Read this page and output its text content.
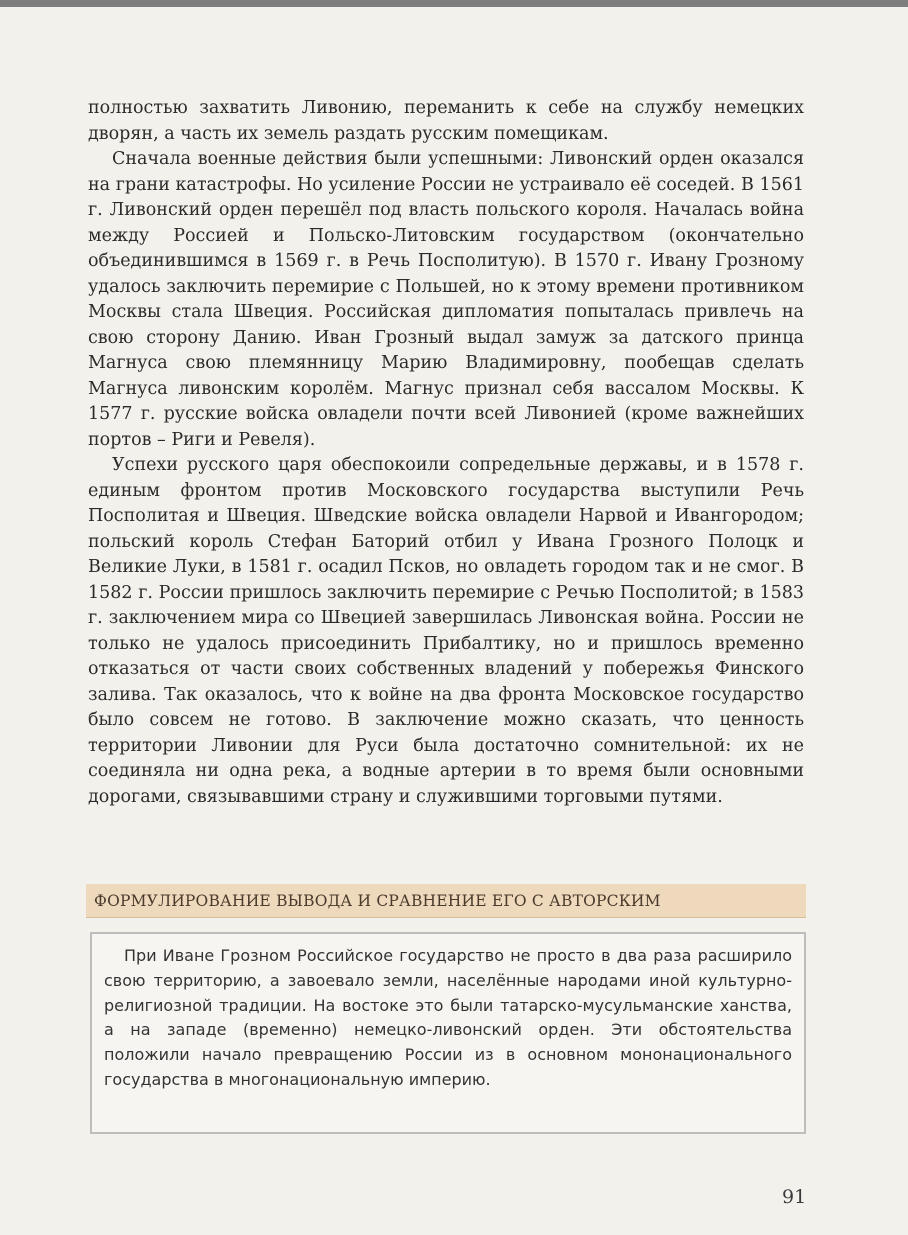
полностью захватить Ливонию, переманить к себе на службу немецких дворян, а часть их земель раздать русским помещикам.

Сначала военные действия были успешными: Ливонский орден оказался на грани катастрофы. Но усиление России не устраивало её соседей. В 1561 г. Ливонский орден перешёл под власть польского короля. Началась война между Россией и Польско-Литовским государством (окончательно объединившимся в 1569 г. в Речь Посполитую). В 1570 г. Ивану Грозному удалось заключить перемирие с Польшей, но к этому времени противником Москвы стала Швеция. Российская дипломатия попыталась привлечь на свою сторону Данию. Иван Грозный выдал замуж за датского принца Магнуса свою племянницу Марию Владимировну, пообещав сделать Магнуса ливонским королём. Магнус признал себя вассалом Москвы. К 1577 г. русские войска овладели почти всей Ливонией (кроме важнейших портов – Риги и Ревеля).

Успехи русского царя обеспокоили сопредельные державы, и в 1578 г. единым фронтом против Московского государства выступили Речь Посполитая и Швеция. Шведские войска овладели Нарвой и Ивангородом; польский король Стефан Баторий отбил у Ивана Грозного Полоцк и Великие Луки, в 1581 г. осадил Псков, но овладеть городом так и не смог. В 1582 г. России пришлось заключить перемирие с Речью Посполитой; в 1583 г. заключением мира со Швецией завершилась Ливонская война. России не только не удалось присоединить Прибалтику, но и пришлось временно отказаться от части своих собственных владений у побережья Финского залива. Так оказалось, что к войне на два фронта Московское государство было совсем не готово. В заключение можно сказать, что ценность территории Ливонии для Руси была достаточно сомнительной: их не соединяла ни одна река, а водные артерии в то время были основными дорогами, связывавшими страну и служившими торговыми путями.

ФОРМУЛИРОВАНИЕ ВЫВОДА И СРАВНЕНИЕ ЕГО С АВТОРСКИМ

При Иване Грозном Российское государство не просто в два раза расширило свою территорию, а завоевало земли, населённые народами иной культурно-религиозной традиции. На востоке это были татарско-мусульманские ханства, а на западе (временно) немецко-ливонский орден. Эти обстоятельства положили начало превращению России из в основном мононационального государства в многонациональную империю.

91
